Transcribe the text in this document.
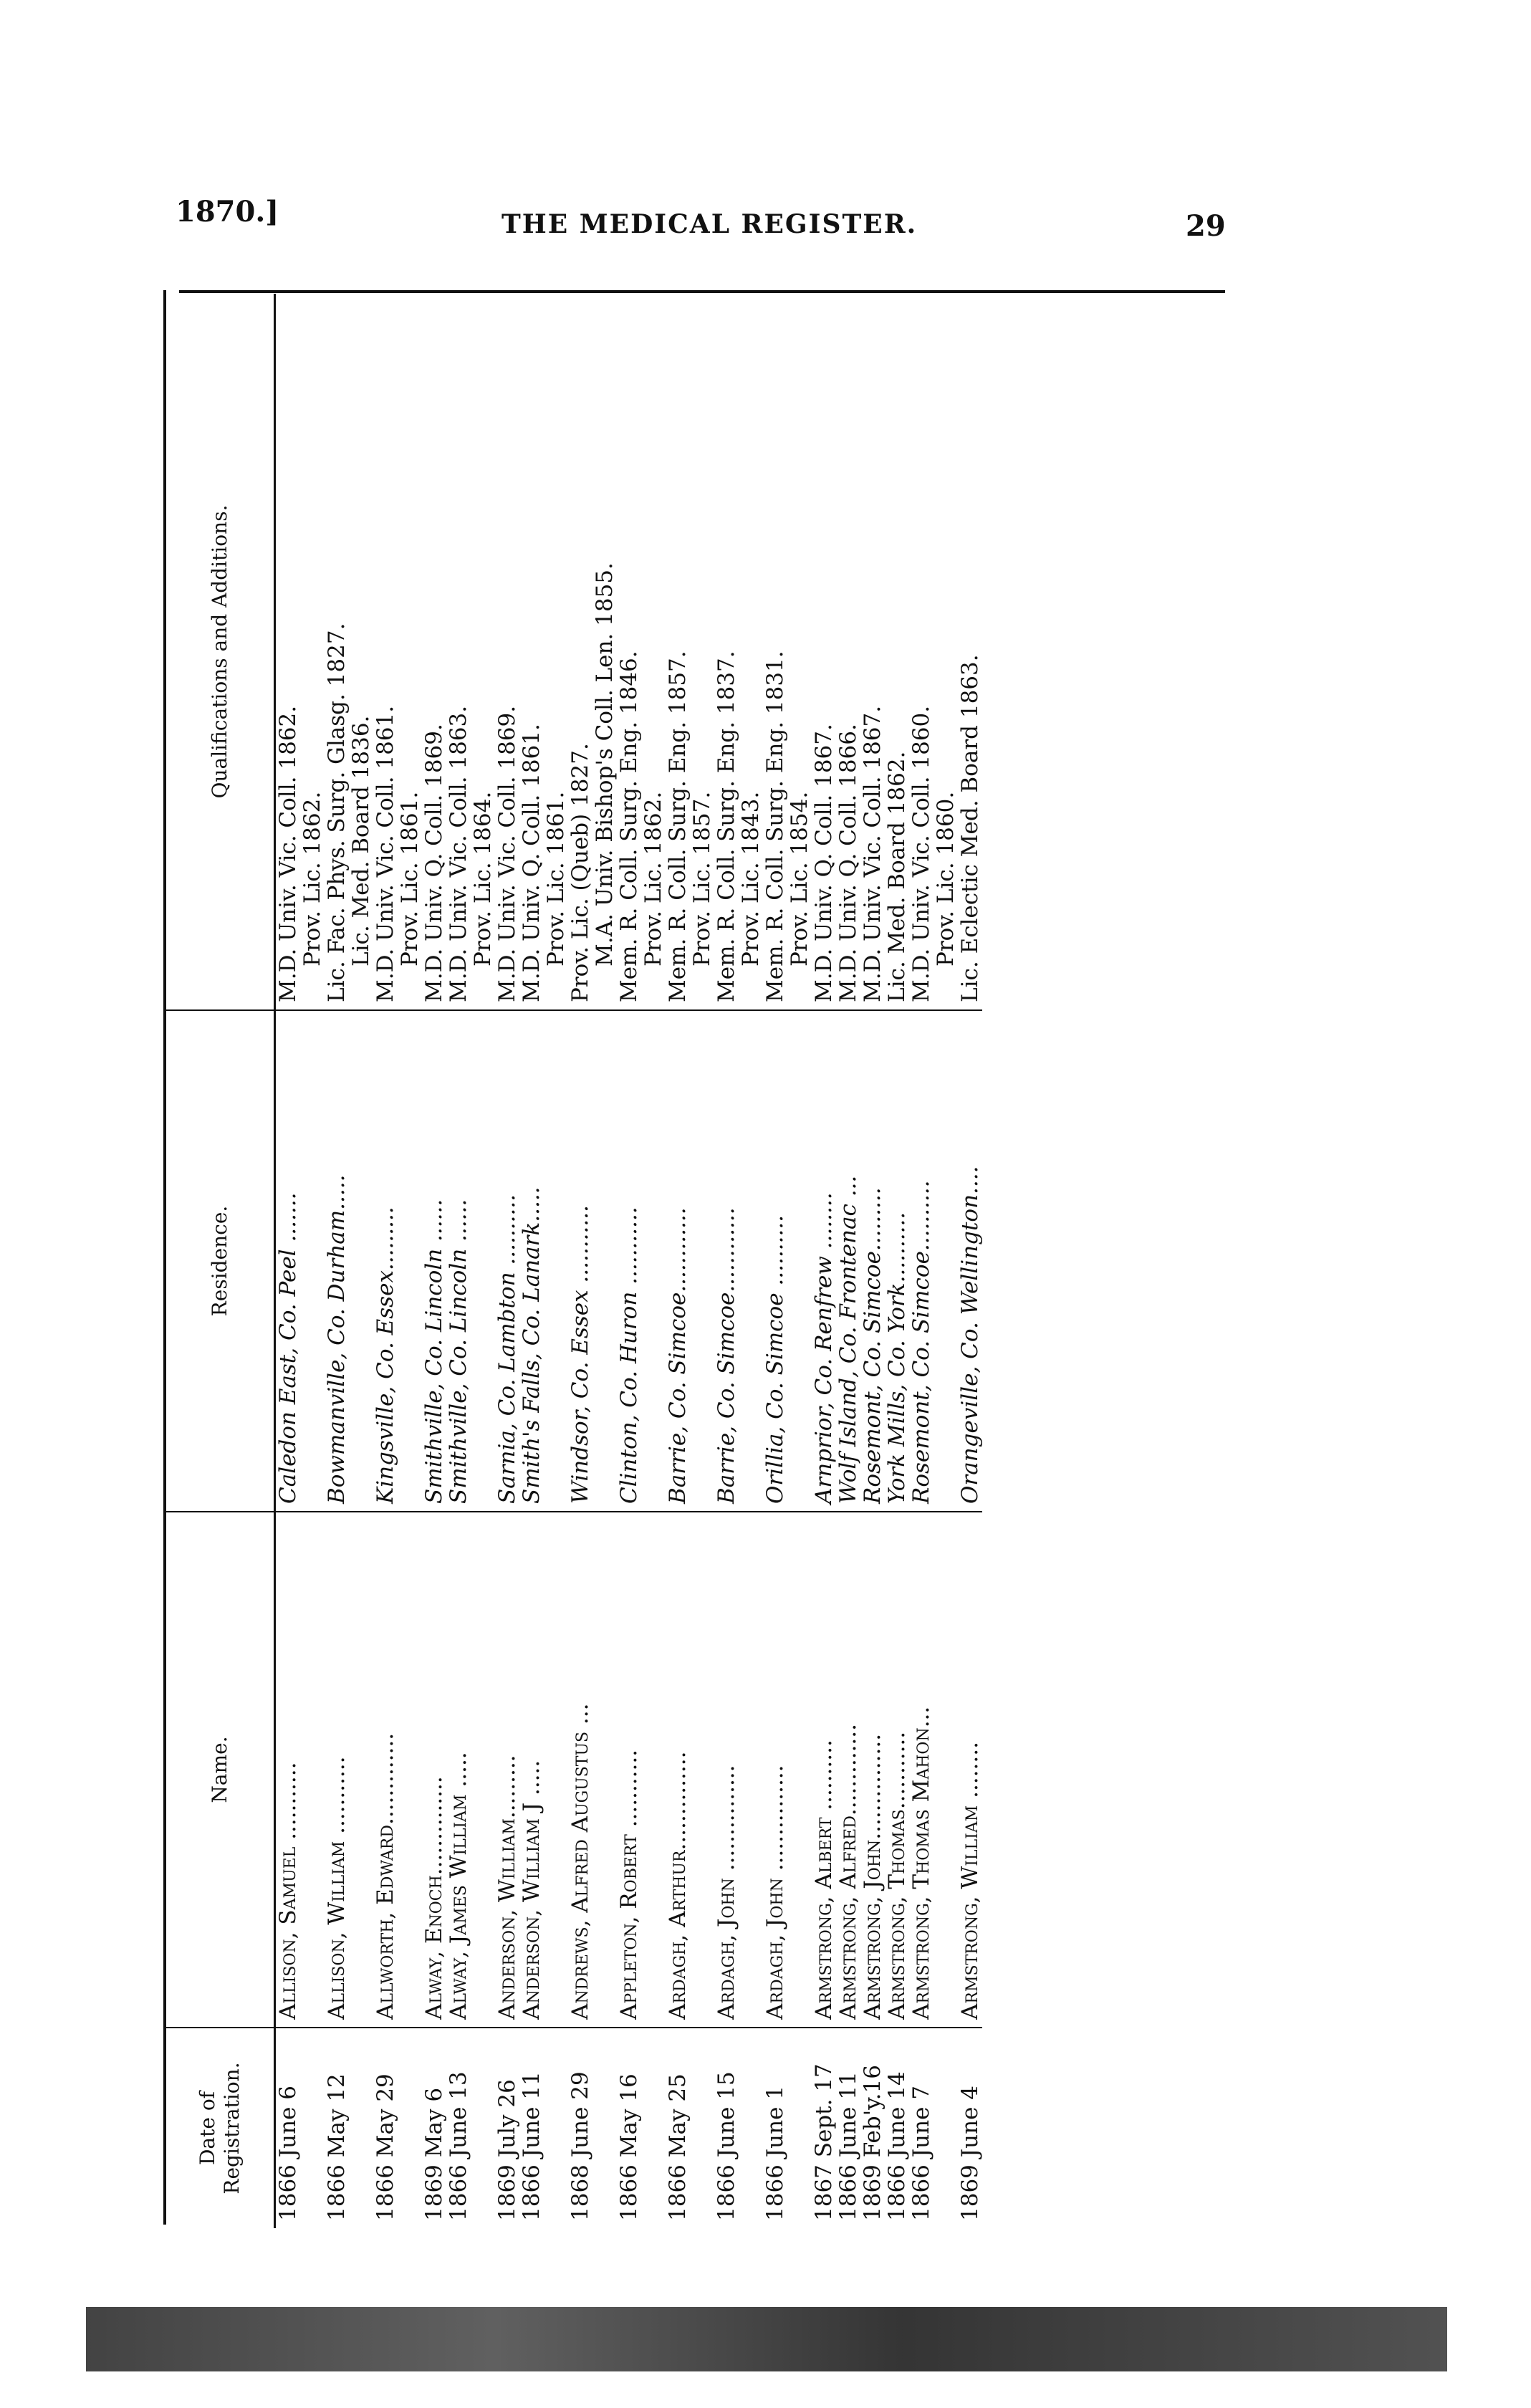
1870.]	THE MEDICAL REGISTER.	29
Date of Registration.	Name.	Residence.	Qualifications and Additions.
1866 June 6	Allison, Samuel ...........	Caledon East, Co. Peel .......	M.D. Univ. Vic. Coll. 1862.
Prov. Lic. 1862.

1866 May 12	Allison, William ...........	Bowmanville, Co. Durham.....	Lic. Fac. Phys. Surg. Glasg. 1827.
Lic. Med. Board 1836.

1866 May 29	Allworth, Edward.............	Kingsville, Co. Essex.........	M.D. Univ. Vic. Coll. 1861.
Prov. Lic. 1861.

1869 May 6	Alway, Enoch..............	Smithville, Co. Lincoln ......	M.D. Univ. Q. Coll. 1869.

1866 June 13	Alway, James William .....	Smithville, Co. Lincoln ......	M.D. Univ. Vic. Coll. 1863.
Prov. Lic. 1864.

1869 July 26	Anderson, William.........	Sarnia, Co. Lambton ..........	M.D. Univ. Vic. Coll. 1869.

1866 June 11	Anderson, William J .....	Smith's Falls, Co. Lanark.....	M.D. Univ. Q. Coll. 1861.
Prov. Lic. 1861.

1868 June 29	Andrews, Alfred Augustus ...	Windsor, Co. Essex ...........	Prov. Lic. (Queb) 1827.
M.A. Univ. Bishop's Coll. Len. 1855.

1866 May 16	Appleton, Robert ...........	Clinton, Co. Huron ...........	Mem. R. Coll. Surg. Eng. 1846.
Prov. Lic. 1862.

1866 May 25	Ardagh, Arthur..............	Barrie, Co. Simcoe............	Mem. R. Coll. Surg. Eng. 1857.
Prov. Lic. 1857.

1866 June 15	Ardagh, John ...............	Barrie, Co. Simcoe............	Mem. R. Coll. Surg. Eng. 1837.
Prov. Lic. 1843.

1866 June 1	Ardagh, John ...............	Orillia, Co. Simcoe ..........	Mem. R. Coll. Surg. Eng. 1831.
Prov. Lic. 1854.

1867 Sept. 17	Armstrong, Albert ..........	Arnprior, Co. Renfrew ........	M.D. Univ. Q. Coll. 1867.

1866 June 11	Armstrong, Alfred.............	Wolf Island, Co. Frontenac ...	M.D. Univ. Q. Coll. 1866.

1869 Feb'y.16	Armstrong, John...............	Rosemont, Co. Simcoe.........	M.D. Univ. Vic. Coll. 1867.

1866 June 14	Armstrong, Thomas...........	York Mills, Co. York..........	Lic. Med. Board 1862.

1866 June 7	Armstrong, Thomas Mahon...	Rosemont, Co. Simcoe..........	M.D. Univ. Vic. Coll. 1860.
Prov. Lic. 1860.

1869 June 4	Armstrong, William ........	Orangeville, Co. Wellington....	Lic. Eclectic Med. Board 1863.
